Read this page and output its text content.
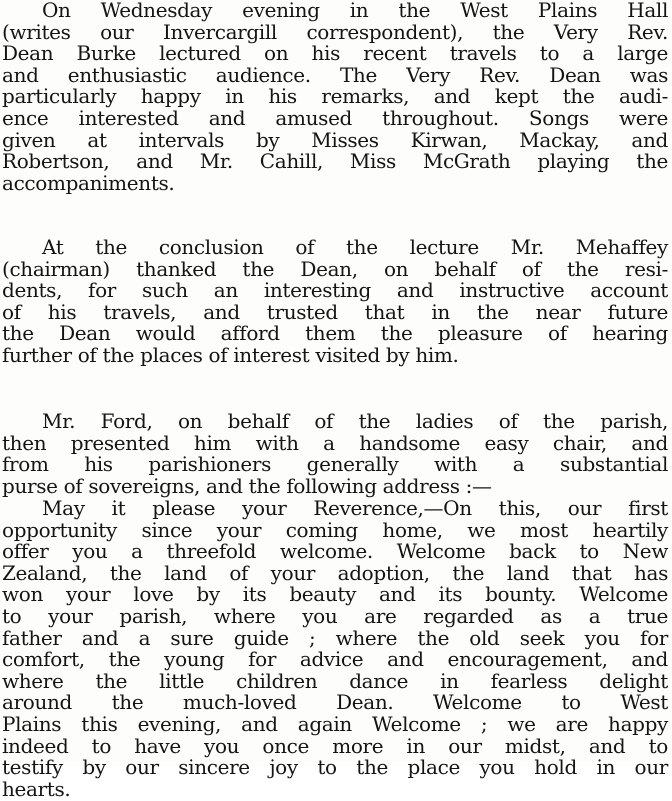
On Wednesday evening in the West Plains Hall
(writes our Invercargill correspondent), the Very Rev.
Dean Burke lectured on his recent travels to a large
and enthusiastic audience. The Very Rev. Dean was
particularly happy in his remarks, and kept the audi-
ence interested and amused throughout. Songs were
given at intervals by Misses Kirwan, Mackay, and
Robertson, and Mr. Cahill, Miss McGrath playing the
accompaniments.
At the conclusion of the lecture Mr. Mehaffey
(chairman) thanked the Dean, on behalf of the resi-
dents, for such an interesting and instructive account
of his travels, and trusted that in the near future
the Dean would afford them the pleasure of hearing
further of the places of interest visited by him.
Mr. Ford, on behalf of the ladies of the parish,
then presented him with a handsome easy chair, and
from his parishioners generally with a substantial
purse of sovereigns, and the following address :—
May it please your Reverence,—On this, our first
opportunity since your coming home, we most heartily
offer you a threefold welcome. Welcome back to New
Zealand, the land of your adoption, the land that has
won your love by its beauty and its bounty. Welcome
to your parish, where you are regarded as a true
father and a sure guide ; where the old seek you for
comfort, the young for advice and encouragement, and
where the little children dance in fearless delight
around the much-loved Dean. Welcome to West
Plains this evening, and again Welcome ; we are happy
indeed to have you once more in our midst, and to
testify by our sincere joy to the place you hold in our
hearts.
